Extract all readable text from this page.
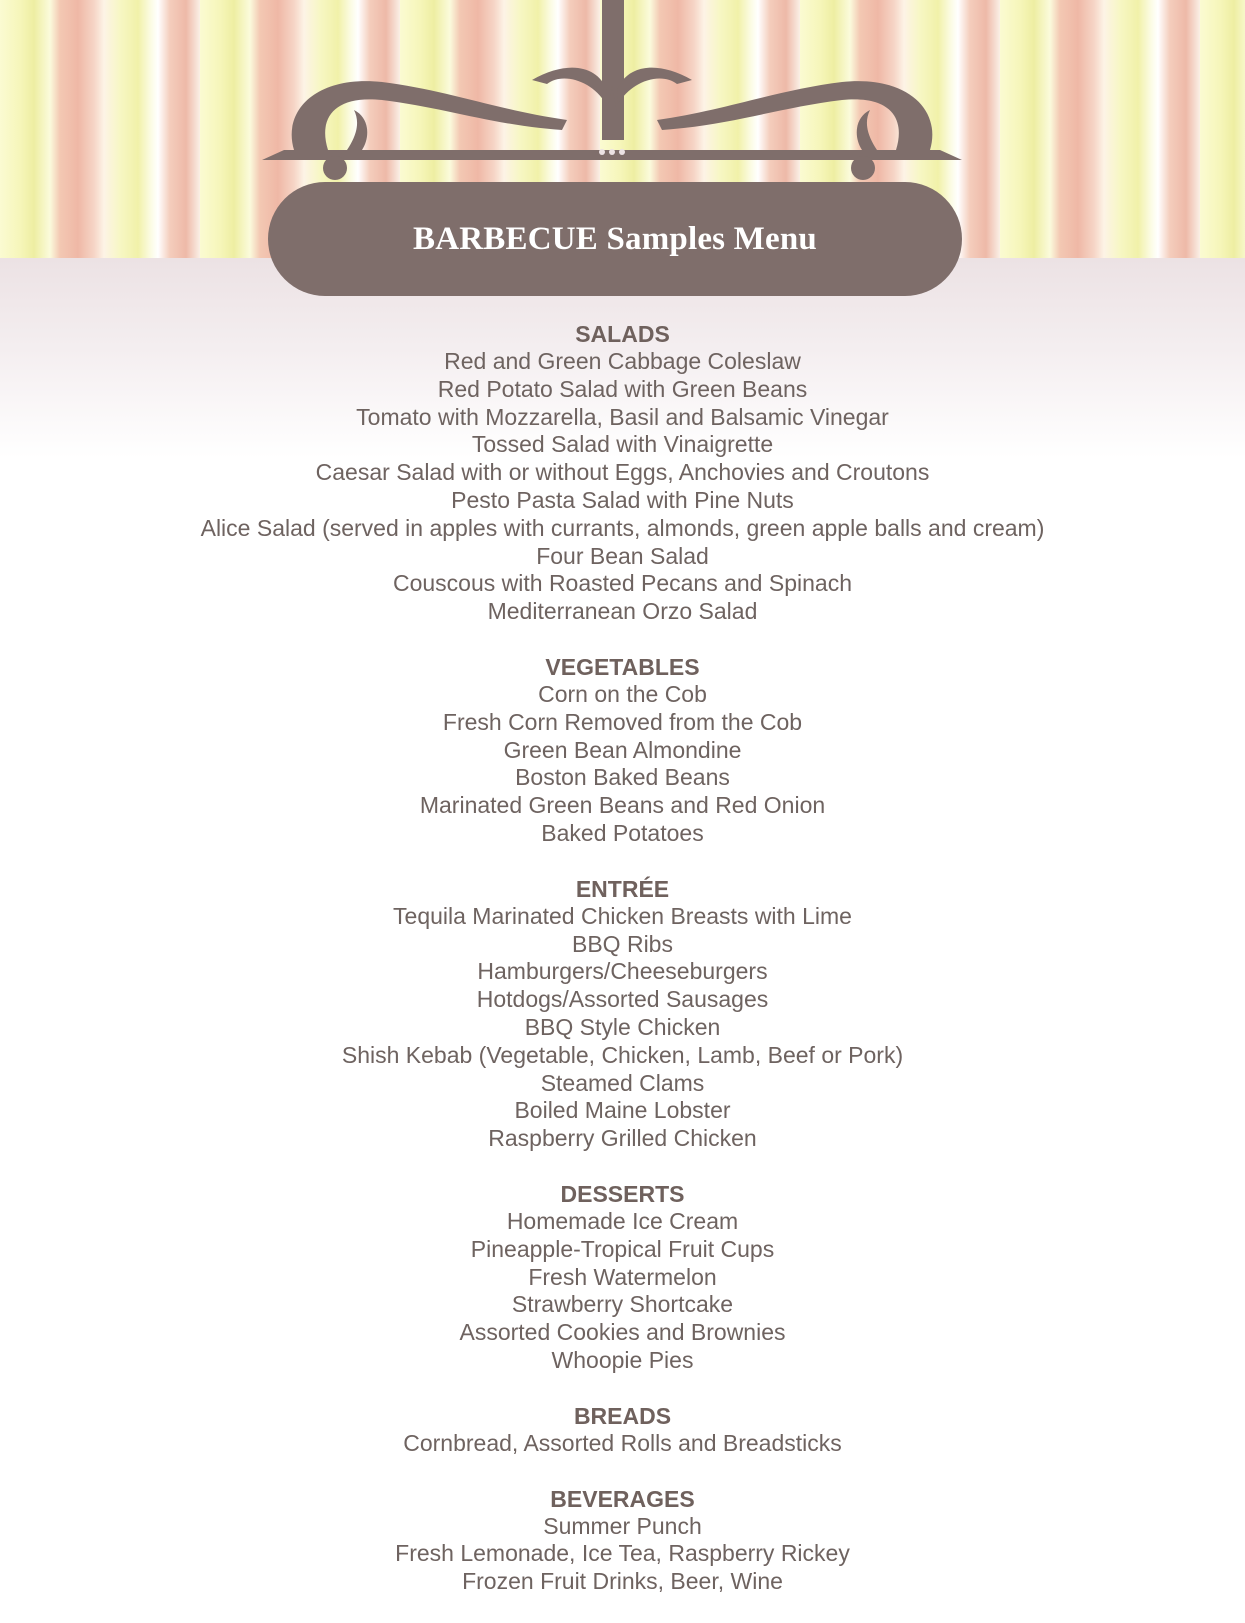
BARBECUE Samples Menu
SALADS
Red and Green Cabbage Coleslaw
Red Potato Salad with Green Beans
Tomato with Mozzarella, Basil and Balsamic Vinegar
Tossed Salad with Vinaigrette
Caesar Salad with or without Eggs, Anchovies and Croutons
Pesto Pasta Salad with Pine Nuts
Alice Salad (served in apples with currants, almonds, green apple balls and cream)
Four Bean Salad
Couscous with Roasted Pecans and Spinach
Mediterranean Orzo Salad
VEGETABLES
Corn on the Cob
Fresh Corn Removed from the Cob
Green Bean Almondine
Boston Baked Beans
Marinated Green Beans and Red Onion
Baked Potatoes
ENTRÉE
Tequila Marinated Chicken Breasts with Lime
BBQ Ribs
Hamburgers/Cheeseburgers
Hotdogs/Assorted Sausages
BBQ Style Chicken
Shish Kebab (Vegetable, Chicken, Lamb, Beef or Pork)
Steamed Clams
Boiled Maine Lobster
Raspberry Grilled Chicken
DESSERTS
Homemade Ice Cream
Pineapple-Tropical Fruit Cups
Fresh Watermelon
Strawberry Shortcake
Assorted Cookies and Brownies
Whoopie Pies
BREADS
Cornbread, Assorted Rolls and Breadsticks
BEVERAGES
Summer Punch
Fresh Lemonade, Ice Tea, Raspberry Rickey
Frozen Fruit Drinks, Beer, Wine
